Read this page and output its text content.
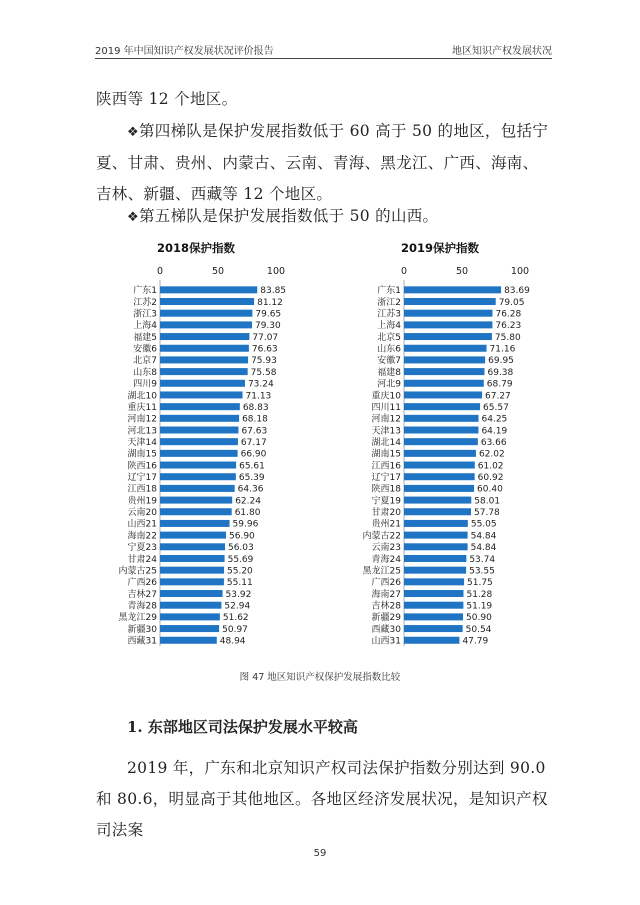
2019 年中国知识产权发展状况评价报告	地区知识产权发展状况
陕西等 12 个地区。
❖第四梯队是保护发展指数低于 60 高于 50 的地区，包括宁夏、甘肃、贵州、内蒙古、云南、青海、黑龙江、广西、海南、吉林、新疆、西藏等 12 个地区。
❖第五梯队是保护发展指数低于 50 的山西。
2018保护指数
0	50	100
广东1	83.85
江苏2	81.12
浙江3	79.65
上海4	79.30
福建5	77.07
安徽6	76.63
北京7	75.93
山东8	75.58
四川9	73.24
湖北10	71.13
重庆11	68.83
河南12	68.18
河北13	67.63
天津14	67.17
湖南15	66.90
陕西16	65.61
辽宁17	65.39
江西18	64.36
贵州19	62.24
云南20	61.80
山西21	59.96
海南22	56.90
宁夏23	56.03
甘肃24	55.69
内蒙古25	55.20
广西26	55.11
吉林27	53.92
青海28	52.94
黑龙江29	51.62
新疆30	50.97
西藏31	48.94
2019保护指数
0	50	100
广东1	83.69
浙江2	79.05
江苏3	76.28
上海4	76.23
北京5	75.80
山东6	71.16
安徽7	69.95
福建8	69.38
河北9	68.79
重庆10	67.27
四川11	65.57
河南12	64.25
天津13	64.19
湖北14	63.66
湖南15	62.02
江西16	61.02
辽宁17	60.92
陕西18	60.40
宁夏19	58.01
甘肃20	57.78
贵州21	55.05
内蒙古22	54.84
云南23	54.84
青海24	53.74
黑龙江25	53.55
广西26	51.75
海南27	51.28
吉林28	51.19
新疆29	50.90
西藏30	50.54
山西31	47.79
图 47 地区知识产权保护发展指数比较
1. 东部地区司法保护发展水平较高
2019 年，广东和北京知识产权司法保护指数分别达到 90.0 和 80.6，明显高于其他地区。各地区经济发展状况，是知识产权司法案
59
